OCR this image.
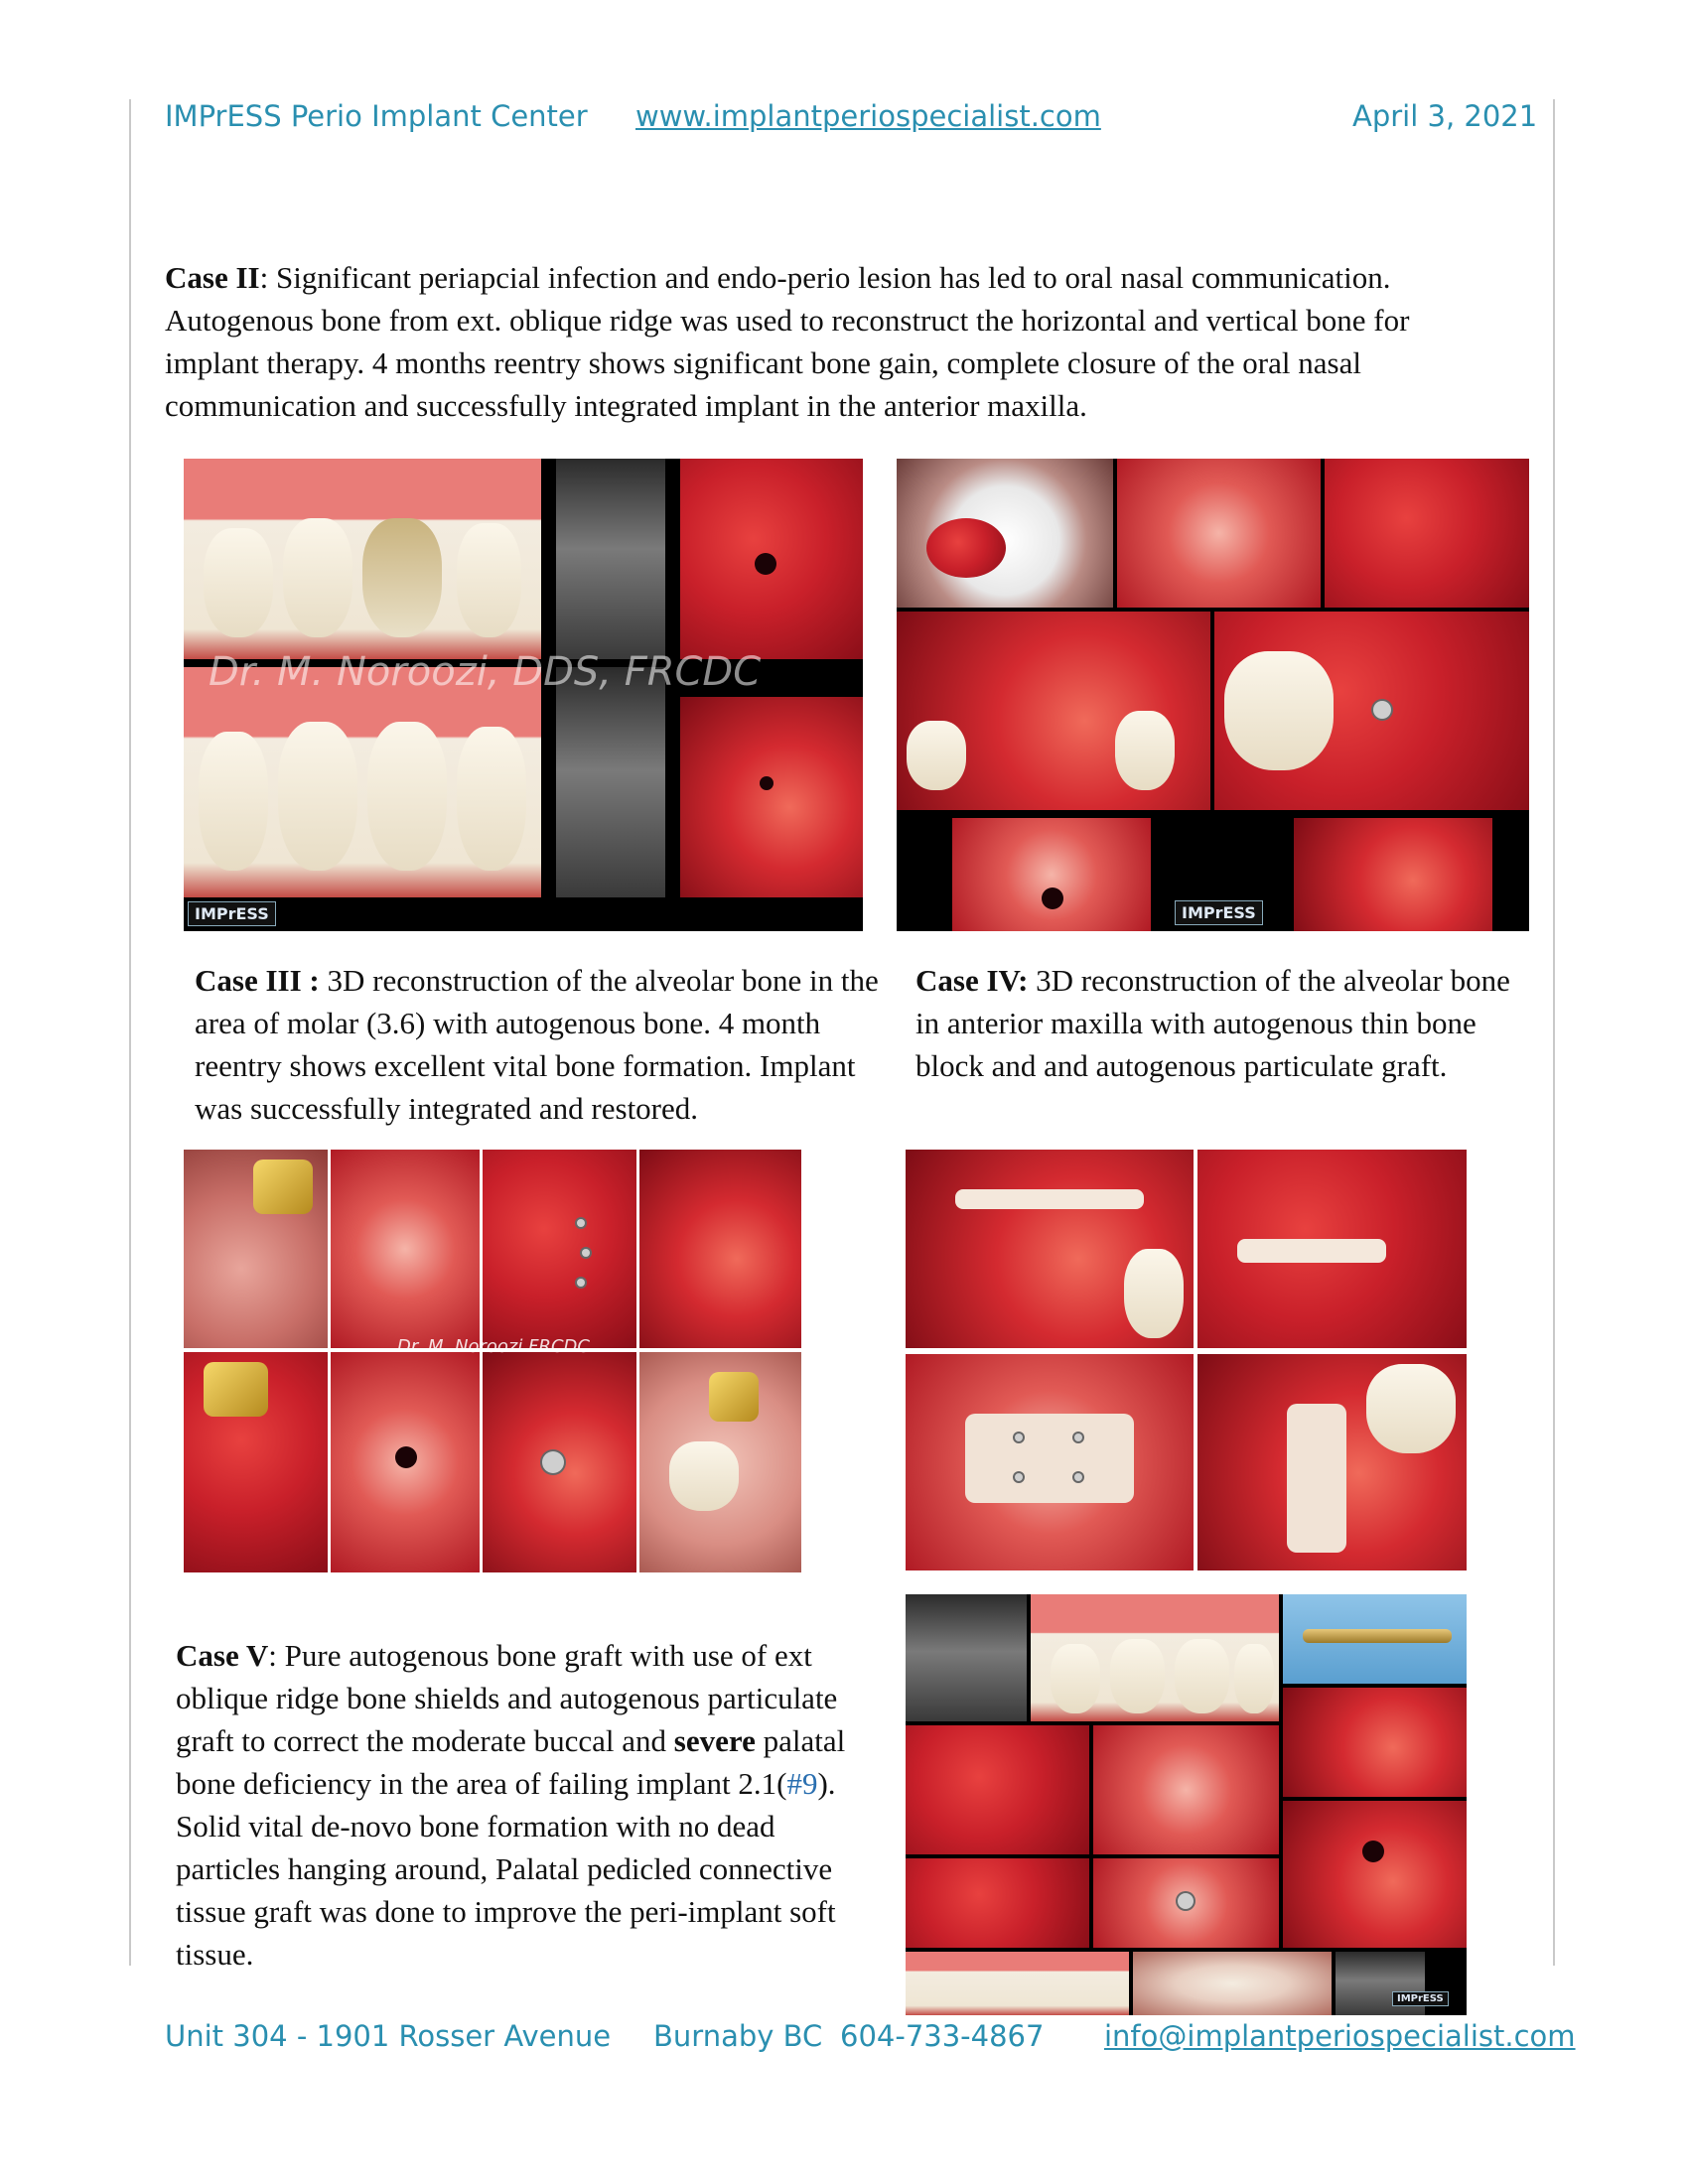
IMPrESS Perio Implant Center www.implantperiospecialist.com	April 3, 2021

Case II: Significant periapcial infection and endo-perio lesion has led to oral nasal communication. Autogenous bone from ext. oblique ridge was used to reconstruct the horizontal and vertical bone for implant therapy. 4 months reentry shows significant bone gain, complete closure of the oral nasal communication and successfully integrated implant in the anterior maxilla.

Dr. M. Noroozi, DDS, FRCDC
IMPrESS	IMPrESS

Case III : 3D reconstruction of the alveolar bone in the area of molar (3.6) with autogenous bone. 4 month reentry shows excellent vital bone formation. Implant was successfully integrated and restored.

Case IV: 3D reconstruction of the alveolar bone in anterior maxilla with autogenous thin bone block and and autogenous particulate graft.

Dr. M. Noroozi FRCDC

Case V: Pure autogenous bone graft with use of ext oblique ridge bone shields and autogenous particulate graft to correct the moderate buccal and severe palatal bone deficiency in the area of failing implant 2.1(#9). Solid vital de-novo bone formation with no dead particles hanging around, Palatal pedicled connective tissue graft was done to improve the peri-implant soft tissue.

IMPrESS
Unit 304 - 1901 Rosser Avenue Burnaby BC 604-733-4867 info@implantperiospecialist.com
